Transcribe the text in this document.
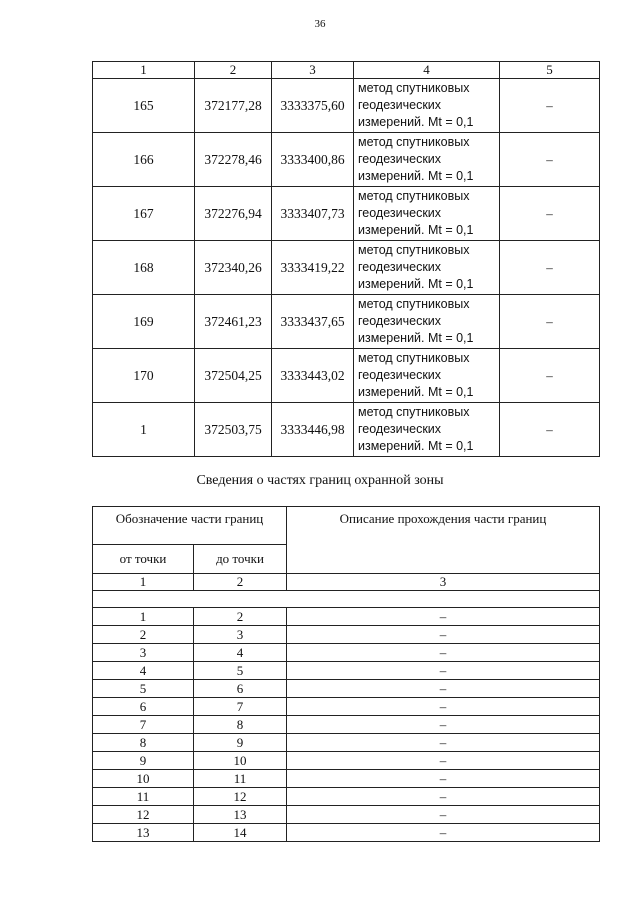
36
1	2	3	4	5
165	372177,28	3333375,60	метод спутниковых
геодезических
измерений. Mt = 0,1	–
166	372278,46	3333400,86	метод спутниковых
геодезических
измерений. Mt = 0,1	–
167	372276,94	3333407,73	метод спутниковых
геодезических
измерений. Mt = 0,1	–
168	372340,26	3333419,22	метод спутниковых
геодезических
измерений. Mt = 0,1	–
169	372461,23	3333437,65	метод спутниковых
геодезических
измерений. Mt = 0,1	–
170	372504,25	3333443,02	метод спутниковых
геодезических
измерений. Mt = 0,1	–
1	372503,75	3333446,98	метод спутниковых
геодезических
измерений. Mt = 0,1	–
Сведения о частях границ охранной зоны
Обозначение части границ		Описание прохождения части границ
от точки	до точки	
1	2	3

1	2	–
2	3	–
3	4	–
4	5	–
5	6	–
6	7	–
7	8	–
8	9	–
9	10	–
10	11	–
11	12	–
12	13	–
13	14	–
